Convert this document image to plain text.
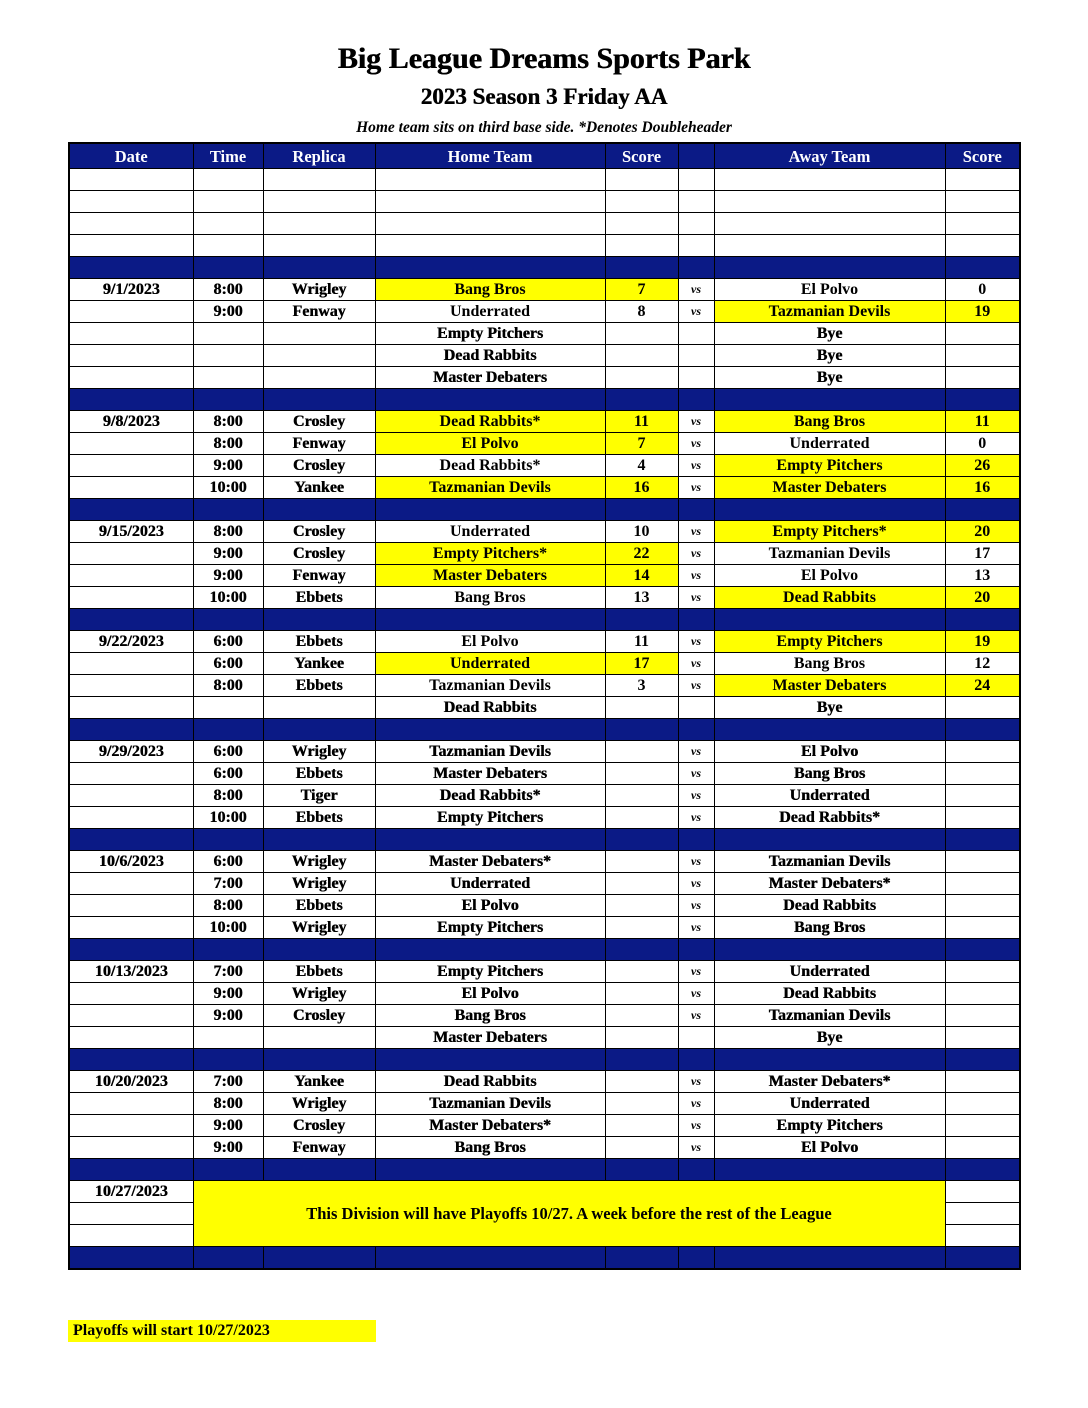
Big League Dreams Sports Park
2023 Season 3 Friday AA
Home team sits on third base side. *Denotes Doubleheader
Date	Time	Replica	Home Team	Score		Away Team	Score

9/1/2023	8:00	Wrigley	Bang Bros	7	vs	El Polvo	0
	9:00	Fenway	Underrated	8	vs	Tazmanian Devils	19
			Empty Pitchers			Bye	
			Dead Rabbits			Bye	
			Master Debaters			Bye	

9/8/2023	8:00	Crosley	Dead Rabbits*	11	vs	Bang Bros	11
	8:00	Fenway	El Polvo	7	vs	Underrated	0
	9:00	Crosley	Dead Rabbits*	4	vs	Empty Pitchers	26
	10:00	Yankee	Tazmanian Devils	16	vs	Master Debaters	16

9/15/2023	8:00	Crosley	Underrated	10	vs	Empty Pitchers*	20
	9:00	Crosley	Empty Pitchers*	22	vs	Tazmanian Devils	17
	9:00	Fenway	Master Debaters	14	vs	El Polvo	13
	10:00	Ebbets	Bang Bros	13	vs	Dead Rabbits	20

9/22/2023	6:00	Ebbets	El Polvo	11	vs	Empty Pitchers	19
	6:00	Yankee	Underrated	17	vs	Bang Bros	12
	8:00	Ebbets	Tazmanian Devils	3	vs	Master Debaters	24
			Dead Rabbits			Bye	

9/29/2023	6:00	Wrigley	Tazmanian Devils		vs	El Polvo	
	6:00	Ebbets	Master Debaters		vs	Bang Bros	
	8:00	Tiger	Dead Rabbits*		vs	Underrated	
	10:00	Ebbets	Empty Pitchers		vs	Dead Rabbits*	

10/6/2023	6:00	Wrigley	Master Debaters*		vs	Tazmanian Devils	
	7:00	Wrigley	Underrated		vs	Master Debaters*	
	8:00	Ebbets	El Polvo		vs	Dead Rabbits	
	10:00	Wrigley	Empty Pitchers		vs	Bang Bros	

10/13/2023	7:00	Ebbets	Empty Pitchers		vs	Underrated	
	9:00	Wrigley	El Polvo		vs	Dead Rabbits	
	9:00	Crosley	Bang Bros		vs	Tazmanian Devils	
			Master Debaters			Bye	

10/20/2023	7:00	Yankee	Dead Rabbits		vs	Master Debaters*	
	8:00	Wrigley	Tazmanian Devils		vs	Underrated	
	9:00	Crosley	Master Debaters*		vs	Empty Pitchers	
	9:00	Fenway	Bang Bros		vs	El Polvo	

10/27/2023	This Division will have Playoffs 10/27. A week before the rest of the League						

Playoffs will start 10/27/2023
